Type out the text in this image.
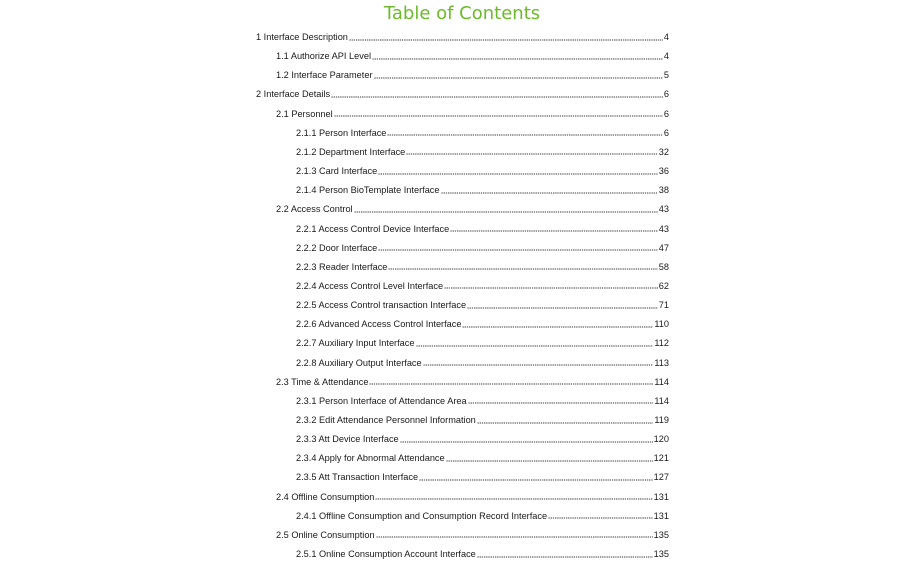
Table of Contents
1 Interface Description	4
1.1 Authorize API Level	4
1.2 Interface Parameter	5
2 Interface Details	6
2.1 Personnel	6
2.1.1 Person Interface	6
2.1.2 Department Interface	32
2.1.3 Card Interface	36
2.1.4 Person BioTemplate Interface	38
2.2 Access Control	43
2.2.1 Access Control Device Interface	43
2.2.2 Door Interface	47
2.2.3 Reader Interface	58
2.2.4 Access Control Level Interface	62
2.2.5 Access Control transaction Interface	71
2.2.6 Advanced Access Control Interface	110
2.2.7 Auxiliary Input Interface	112
2.2.8 Auxiliary Output Interface	113
2.3 Time & Attendance	114
2.3.1 Person Interface of Attendance Area	114
2.3.2 Edit Attendance Personnel Information	119
2.3.3 Att Device Interface	120
2.3.4 Apply for Abnormal Attendance	121
2.3.5 Att Transaction Interface	127
2.4 Offline Consumption	131
2.4.1 Offline Consumption and Consumption Record Interface	131
2.5 Online Consumption	135
2.5.1 Online Consumption Account Interface	135
